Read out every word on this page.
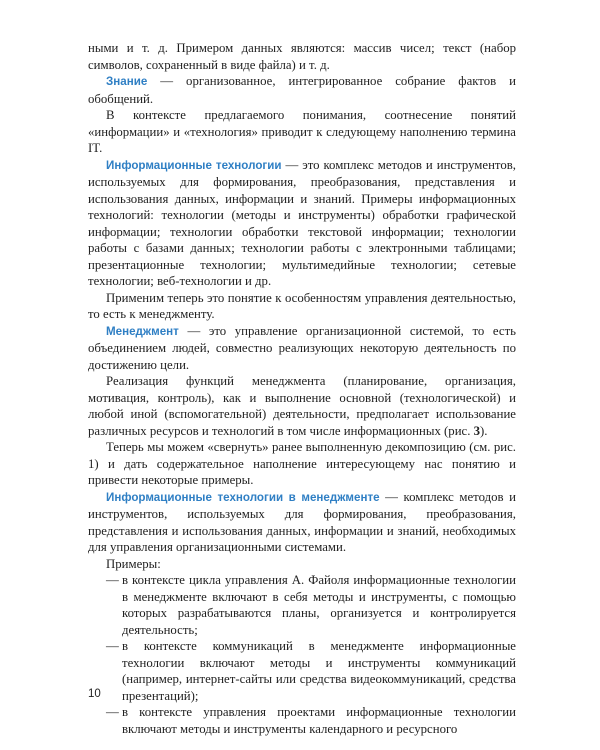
ными и т. д. Примером данных являются: массив чисел; текст (набор символов, сохраненный в виде файла) и т. д.

Знание — организованное, интегрированное собрание фактов и обобщений.

В контексте предлагаемого понимания, соотнесение понятий «информации» и «технология» приводит к следующему наполнению термина IT.

Информационные технологии — это комплекс методов и инструментов, используемых для формирования, преобразования, представления и использования данных, информации и знаний. Примеры информационных технологий: технологии (методы и инструменты) обработки графической информации; технологии обработки текстовой информации; технологии работы с базами данных; технологии работы с электронными таблицами; презентационные технологии; мультимедийные технологии; сетевые технологии; веб-технологии и др.

Применим теперь это понятие к особенностям управления деятельностью, то есть к менеджменту.

Менеджмент — это управление организационной системой, то есть объединением людей, совместно реализующих некоторую деятельность по достижению цели.

Реализация функций менеджмента (планирование, организация, мотивация, контроль), как и выполнение основной (технологической) и любой иной (вспомогательной) деятельности, предполагает использование различных ресурсов и технологий в том числе информационных (рис. 3).

Теперь мы можем «свернуть» ранее выполненную декомпозицию (см. рис. 1) и дать содержательное наполнение интересующему нас понятию и привести некоторые примеры.

Информационные технологии в менеджменте — комплекс методов и инструментов, используемых для формирования, преобразования, представления и использования данных, информации и знаний, необходимых для управления организационными системами.

Примеры:

— в контексте цикла управления А. Файоля информационные технологии в менеджменте включают в себя методы и инструменты, с помощью которых разрабатываются планы, организуется и контролируется деятельность;
— в контексте коммуникаций в менеджменте информационные технологии включают методы и инструменты коммуникаций (например, интернет-сайты или средства видеокоммуникаций, средства презентаций);
— в контексте управления проектами информационные технологии включают методы и инструменты календарного и ресурсного
10
